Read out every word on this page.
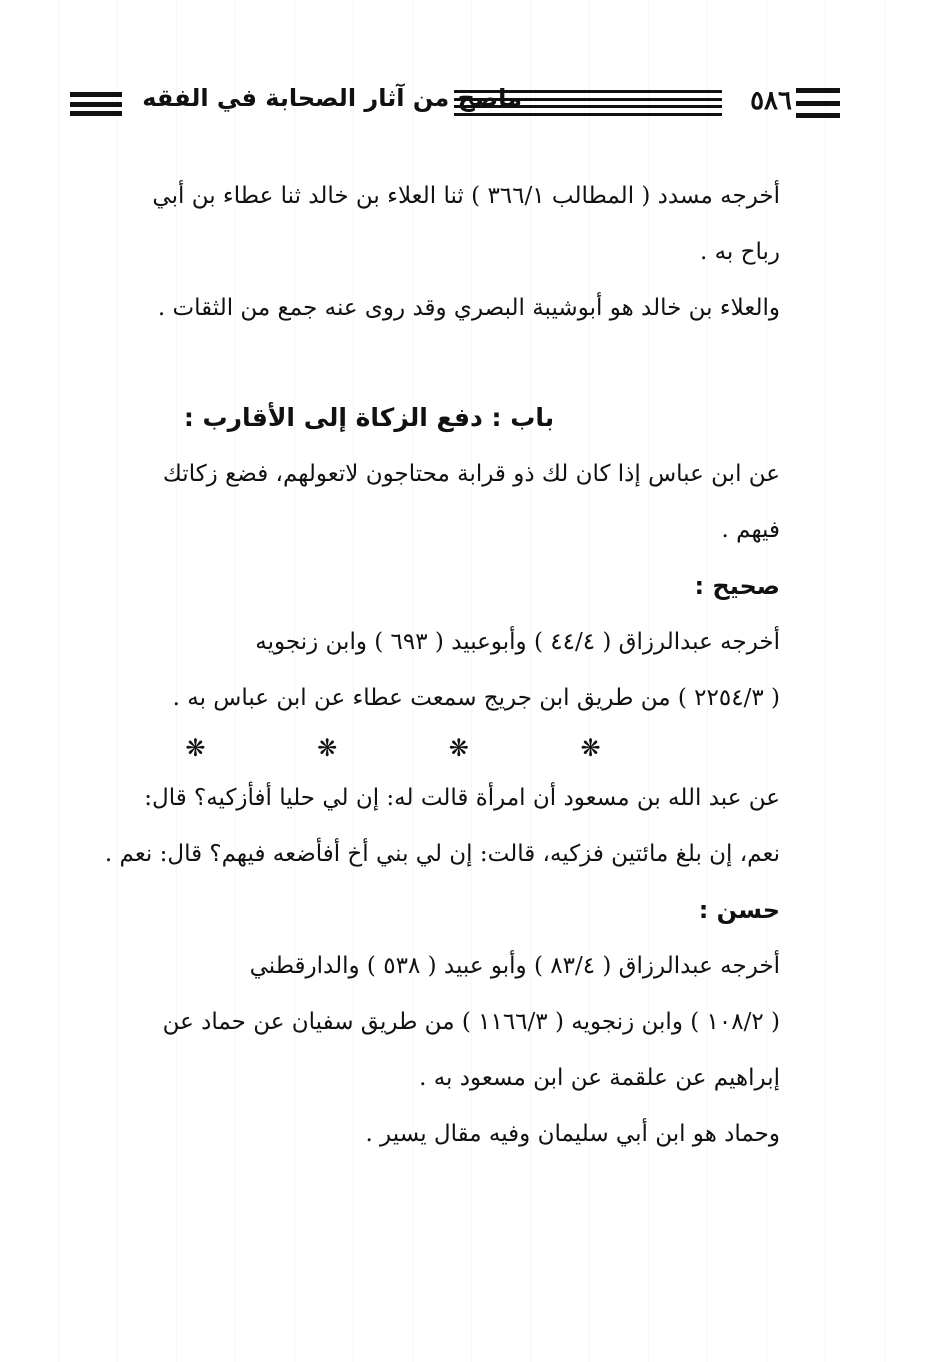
٥٨٦
ماصح من آثار الصحابة في الفقه

أخرجه مسدد ( المطالب ٣٦٦/١ ) ثنا العلاء بن خالد ثنا عطاء بن أبي

رباح به .

والعلاء بن خالد هو أبوشيبة البصري وقد روى عنه جمع من الثقات .

باب : دفع الزكاة إلى الأقارب :

عن ابن عباس إذا كان لك ذو قرابة محتاجون لاتعولهم، فضع زكاتك

فيهم .

صحيح :

أخرجه عبدالرزاق ( ٤٤/٤ ) وأبوعبيد ( ٦٩٣ ) وابن زنجويه

( ٢٢٥٤/٣ ) من طريق ابن جريج سمعت عطاء عن ابن عباس به .

❋ ❋ ❋ ❋

عن عبد الله بن مسعود أن امرأة قالت له: إن لي حليا أفأزكيه؟ قال:

نعم، إن بلغ مائتين فزكيه، قالت: إن لي بني أخ أفأضعه فيهم؟ قال: نعم .

حسن :

أخرجه عبدالرزاق ( ٨٣/٤ ) وأبو عبيد ( ٥٣٨ ) والدارقطني

( ١٠٨/٢ ) وابن زنجويه ( ١١٦٦/٣ ) من طريق سفيان عن حماد عن

إبراهيم عن علقمة عن ابن مسعود به .

وحماد هو ابن أبي سليمان وفيه مقال يسير .
